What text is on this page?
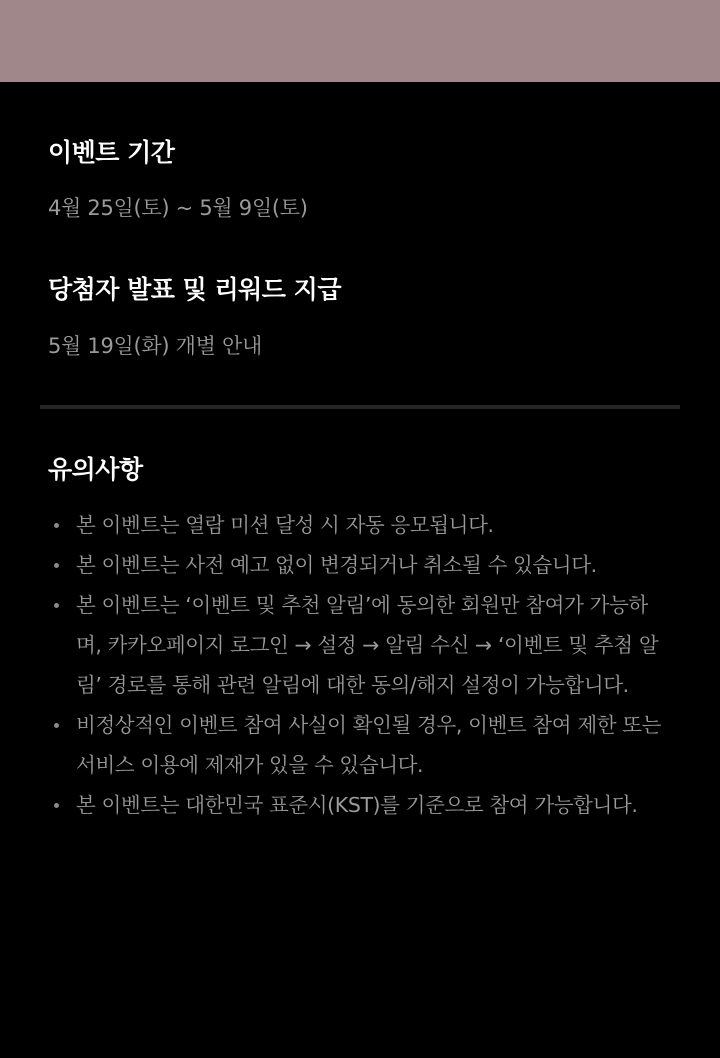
이벤트 기간

4월 25일(토) ~ 5월 9일(토)

당첨자 발표 및 리워드 지급

5월 19일(화) 개별 안내

유의사항
본 이벤트는 열람 미션 달성 시 자동 응모됩니다.
본 이벤트는 사전 예고 없이 변경되거나 취소될 수 있습니다.
본 이벤트는 ‘이벤트 및 추천 알림’에 동의한 회원만 참여가 가능하며, 카카오페이지 로그인 → 설정 → 알림 수신 → ‘이벤트 및 추첨 알림’ 경로를 통해 관련 알림에 대한 동의/해지 설정이 가능합니다.
비정상적인 이벤트 참여 사실이 확인될 경우, 이벤트 참여 제한 또는 서비스 이용에 제재가 있을 수 있습니다.
본 이벤트는 대한민국 표준시(KST)를 기준으로 참여 가능합니다.
